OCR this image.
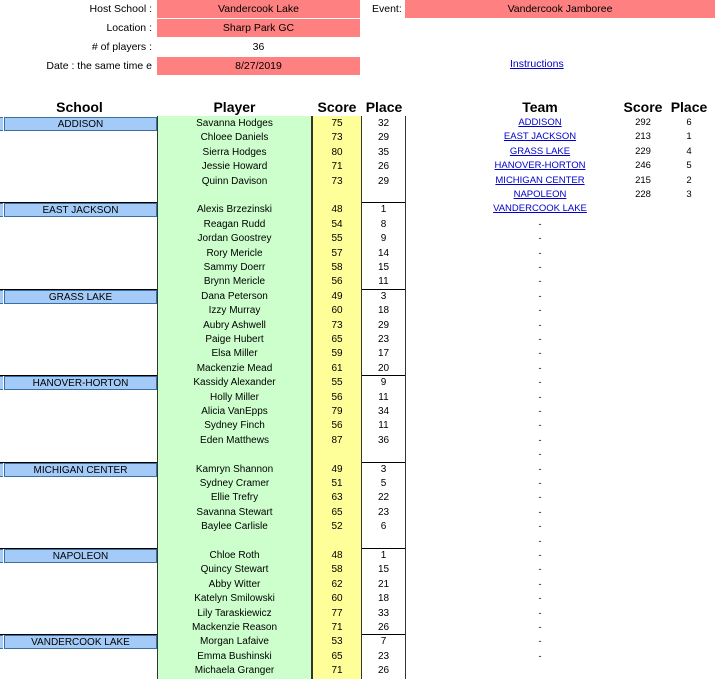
Host School :	Vandercook Lake	Event:	Vandercook Jamboree
Location :	Sharp Park GC
# of players :	36
Date : the same time e	8/27/2019	Instructions
School	Player	Score Place	Team	Score Place
ADDISON	Savanna Hodges	75	32
Chloee Daniels	73	29
Sierra Hodges	80	35
Jessie Howard	71	26
Quinn Davison	73	29
EAST JACKSON	Alexis Brzezinski	48	1
Reagan Rudd	54	8
Jordan Goostrey	55	9
Rory Mericle	57	14
Sammy Doerr	58	15
Brynn Mericle	56	11
GRASS LAKE	Dana Peterson	49	3
Izzy Murray	60	18
Aubry Ashwell	73	29
Paige Hubert	65	23
Elsa Miller	59	17
Mackenzie Mead	61	20
HANOVER-HORTON	Kassidy Alexander	55	9
Holly Miller	56	11
Alicia VanEpps	79	34
Sydney Finch	56	11
Eden Matthews	87	36
MICHIGAN CENTER	Kamryn Shannon	49	3
Sydney Cramer	51	5
Ellie Trefry	63	22
Savanna Stewart	65	23
Baylee Carlisle	52	6
NAPOLEON	Chloe Roth	48	1
Quincy Stewart	58	15
Abby Witter	62	21
Katelyn Smilowski	60	18
Lily Taraskiewicz	77	33
Mackenzie Reason	71	26
VANDERCOOK LAKE	Morgan Lafaive	53	7
Emma Bushinski	65	23
Michaela Granger	71	26
ADDISON	292	6
EAST JACKSON	213	1
GRASS LAKE	229	4
HANOVER-HORTON	246	5
MICHIGAN CENTER	215	2
NAPOLEON	228	3
VANDERCOOK LAKE
-
-
-
-
-
-
-
-
-
-
-
-
-
-
-
-
-
-
-
-
-
-
-
-
-
-
-
-
-
-
-
